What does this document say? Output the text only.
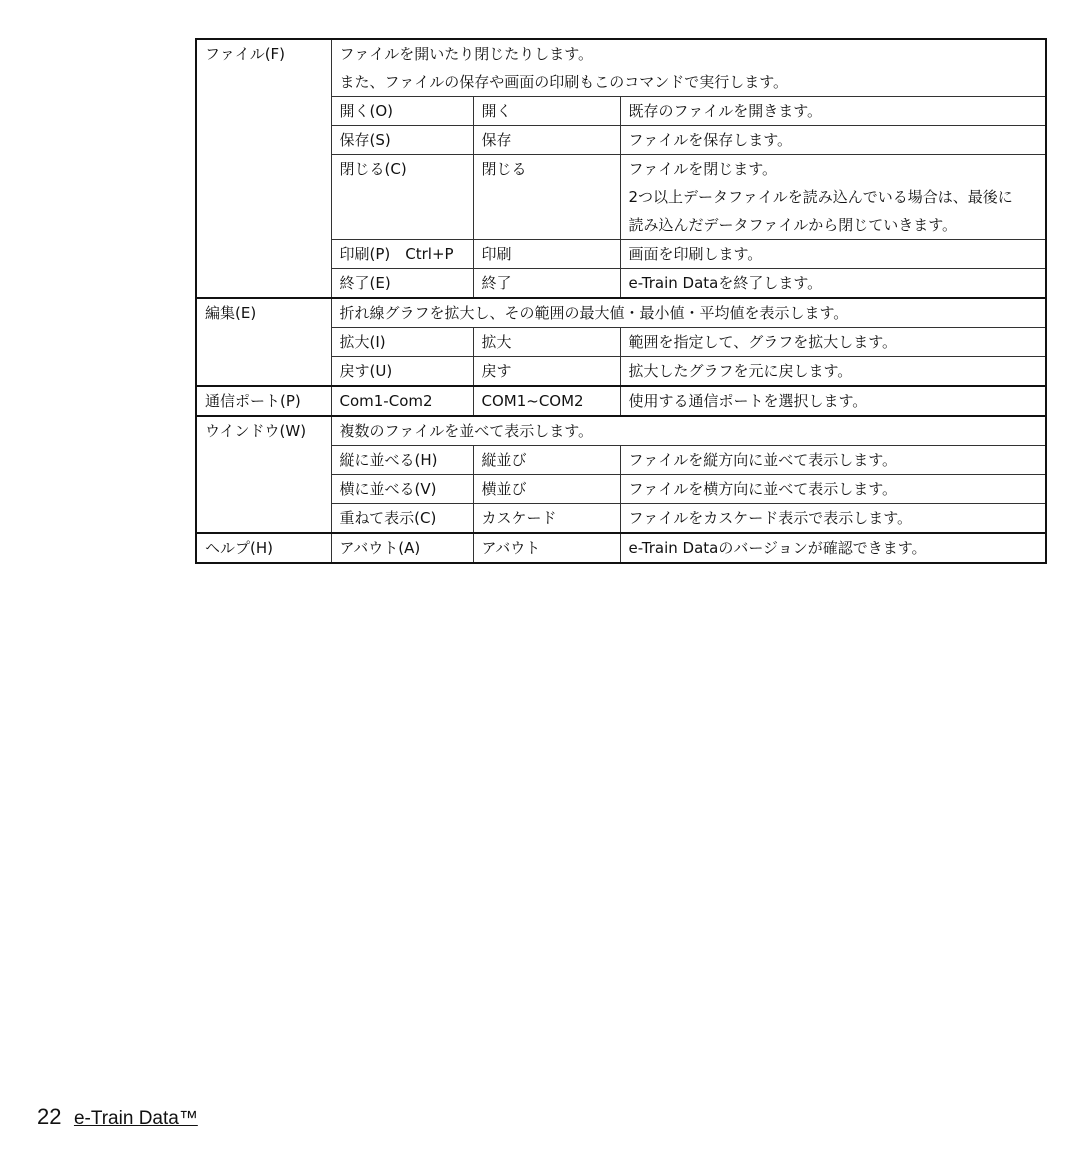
ファイル(F)	ファイルを開いたり閉じたりします。		
	また、ファイルの保存や画面の印刷もこのコマンドで実行します。		
	開く(O)	開く	既存のファイルを開きます。
	保存(S)	保存	ファイルを保存します。
	閉じる(C)	閉じる	ファイルを閉じます。
			2つ以上データファイルを読み込んでいる場合は、最後に
			読み込んだデータファイルから閉じていきます。
	印刷(P)　Ctrl+P	印刷	画面を印刷します。
	終了(E)	終了	e-Train Dataを終了します。
編集(E)	折れ線グラフを拡大し、その範囲の最大値・最小値・平均値を表示します。		
	拡大(I)	拡大	範囲を指定して、グラフを拡大します。
	戻す(U)	戻す	拡大したグラフを元に戻します。
通信ポート(P)	Com1-Com2	COM1~COM2	使用する通信ポートを選択します。
ウインドウ(W)	複数のファイルを並べて表示します。		
	縦に並べる(H)	縦並び	ファイルを縦方向に並べて表示します。
	横に並べる(V)	横並び	ファイルを横方向に並べて表示します。
	重ねて表示(C)	カスケード	ファイルをカスケード表示で表示します。
ヘルプ(H)	アバウト(A)	アバウト	e-Train Dataのバージョンが確認できます。
22 e-Train Data™
